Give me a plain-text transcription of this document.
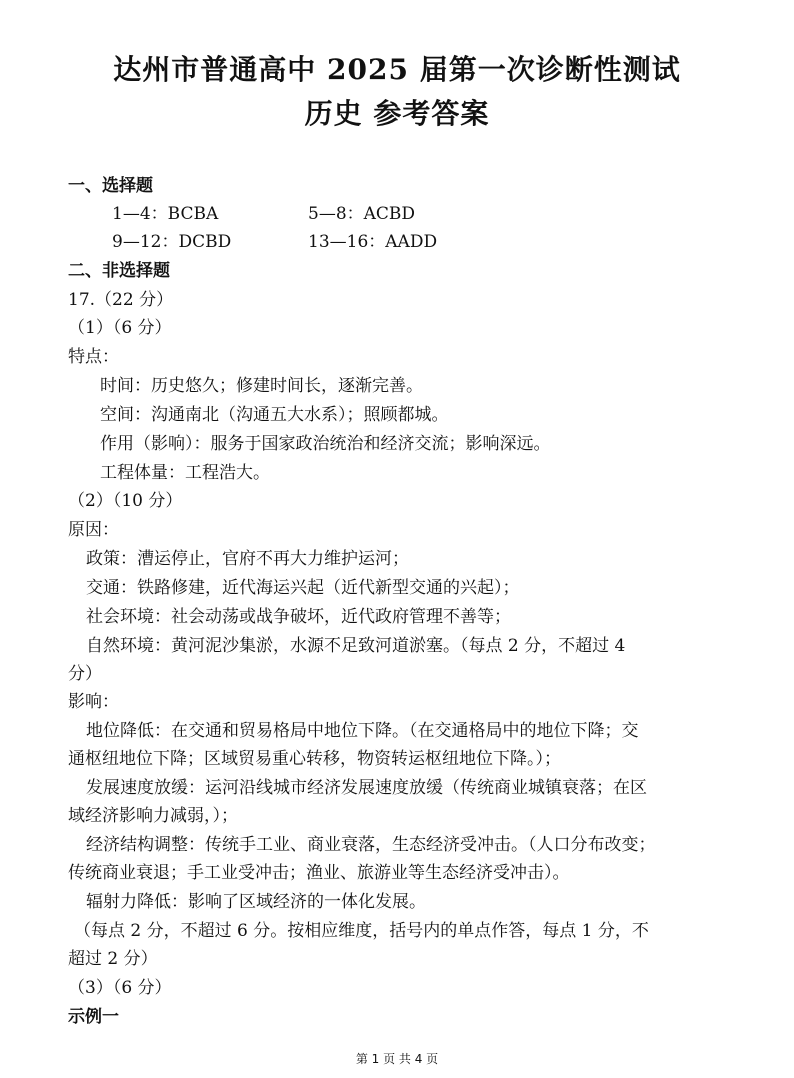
达州市普通高中 2025 届第一次诊断性测试
历史 参考答案
一、选择题
1—4：BCBA	5—8：ACBD
9—12：DCBD	13—16：AADD
二、非选择题
17.（22 分）
（1）（6 分）
特点：
时间：历史悠久；修建时间长，逐渐完善。
空间：沟通南北（沟通五大水系）；照顾都城。
作用（影响）：服务于国家政治统治和经济交流；影响深远。
工程体量：工程浩大。
（2）（10 分）
原因：
政策：漕运停止，官府不再大力维护运河；
交通：铁路修建，近代海运兴起（近代新型交通的兴起）；
社会环境：社会动荡或战争破坏，近代政府管理不善等；
自然环境：黄河泥沙集淤，水源不足致河道淤塞。（每点 2 分，不超过 4
分）
影响：
地位降低：在交通和贸易格局中地位下降。（在交通格局中的地位下降；交
通枢纽地位下降；区域贸易重心转移，物资转运枢纽地位下降。）；
发展速度放缓：运河沿线城市经济发展速度放缓（传统商业城镇衰落；在区
域经济影响力减弱，）；
经济结构调整：传统手工业、商业衰落，生态经济受冲击。（人口分布改变；
传统商业衰退；手工业受冲击；渔业、旅游业等生态经济受冲击）。
辐射力降低：影响了区域经济的一体化发展。
（每点 2 分，不超过 6 分。按相应维度，括号内的单点作答，每点 1 分，不
超过 2 分）
（3）（6 分）
示例一
第 1 页 共 4 页
